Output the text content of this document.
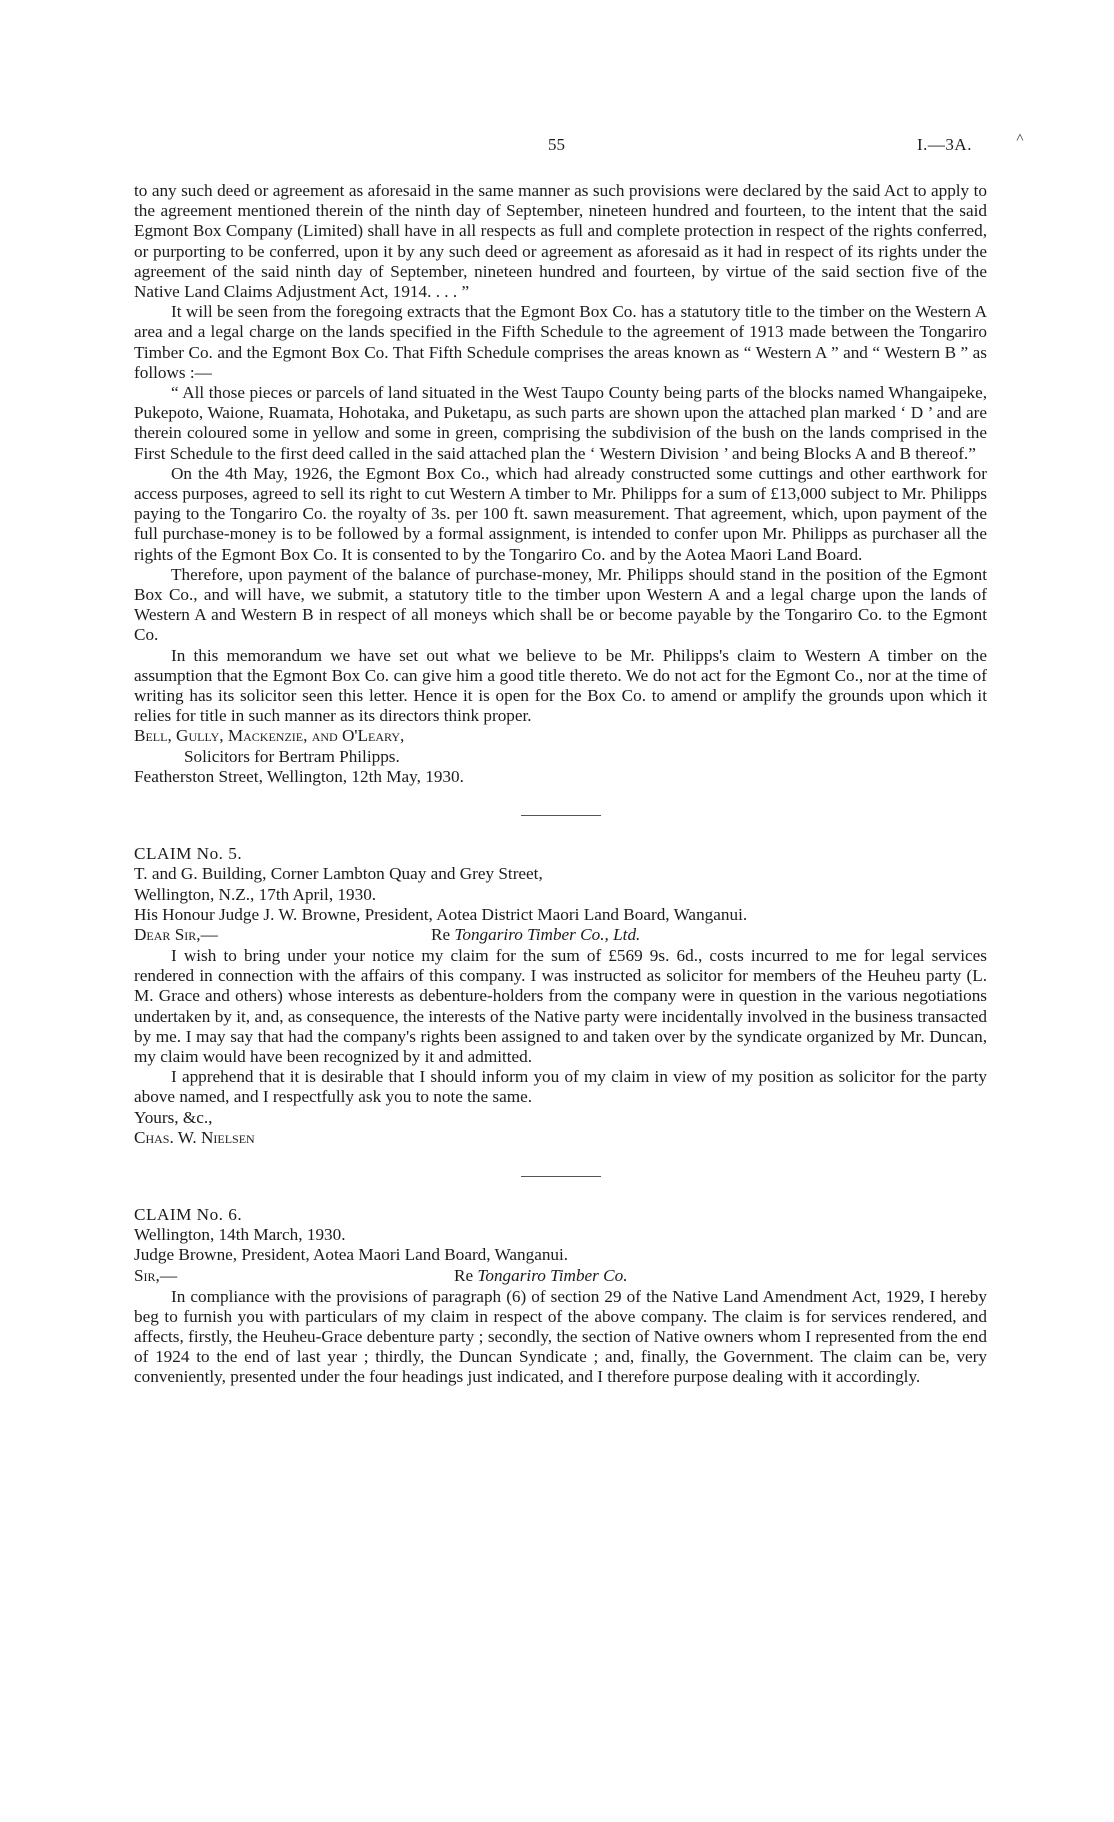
55	I.—3A.	˄

to any such deed or agreement as aforesaid in the same manner as such provisions were declared by the said Act to apply to the agreement mentioned therein of the ninth day of September, nineteen hundred and fourteen, to the intent that the said Egmont Box Company (Limited) shall have in all respects as full and complete protection in respect of the rights conferred, or purporting to be conferred, upon it by any such deed or agreement as aforesaid as it had in respect of its rights under the agreement of the said ninth day of September, nineteen hundred and fourteen, by virtue of the said section five of the Native Land Claims Adjustment Act, 1914. . . . ”

It will be seen from the foregoing extracts that the Egmont Box Co. has a statutory title to the timber on the Western A area and a legal charge on the lands specified in the Fifth Schedule to the agreement of 1913 made between the Tongariro Timber Co. and the Egmont Box Co. That Fifth Schedule comprises the areas known as “ Western A ” and “ Western B ” as follows :—

“ All those pieces or parcels of land situated in the West Taupo County being parts of the blocks named Whangaipeke, Pukepoto, Waione, Ruamata, Hohotaka, and Puketapu, as such parts are shown upon the attached plan marked ‘ D ’ and are therein coloured some in yellow and some in green, comprising the subdivision of the bush on the lands comprised in the First Schedule to the first deed called in the said attached plan the ‘ Western Division ’ and being Blocks A and B thereof.”

On the 4th May, 1926, the Egmont Box Co., which had already constructed some cuttings and other earthwork for access purposes, agreed to sell its right to cut Western A timber to Mr. Philipps for a sum of £13,000 subject to Mr. Philipps paying to the Tongariro Co. the royalty of 3s. per 100 ft. sawn measurement. That agreement, which, upon payment of the full purchase-money is to be followed by a formal assignment, is intended to confer upon Mr. Philipps as purchaser all the rights of the Egmont Box Co. It is consented to by the Tongariro Co. and by the Aotea Maori Land Board.

Therefore, upon payment of the balance of purchase-money, Mr. Philipps should stand in the position of the Egmont Box Co., and will have, we submit, a statutory title to the timber upon Western A and a legal charge upon the lands of Western A and Western B in respect of all moneys which shall be or become payable by the Tongariro Co. to the Egmont Co.

In this memorandum we have set out what we believe to be Mr. Philipps's claim to Western A timber on the assumption that the Egmont Box Co. can give him a good title thereto. We do not act for the Egmont Co., nor at the time of writing has its solicitor seen this letter. Hence it is open for the Box Co. to amend or amplify the grounds upon which it relies for title in such manner as its directors think proper.

Bell, Gully, Mackenzie, and O'Leary,

Solicitors for Bertram Philipps.

Featherston Street, Wellington, 12th May, 1930.

CLAIM No. 5.

T. and G. Building, Corner Lambton Quay and Grey Street,

Wellington, N.Z., 17th April, 1930.

His Honour Judge J. W. Browne, President, Aotea District Maori Land Board, Wanganui.

Dear Sir,—	Re Tongariro Timber Co., Ltd.

I wish to bring under your notice my claim for the sum of £569 9s. 6d., costs incurred to me for legal services rendered in connection with the affairs of this company. I was instructed as solicitor for members of the Heuheu party (L. M. Grace and others) whose interests as debenture-holders from the company were in question in the various negotiations undertaken by it, and, as consequence, the interests of the Native party were incidentally involved in the business transacted by me. I may say that had the company's rights been assigned to and taken over by the syndicate organized by Mr. Duncan, my claim would have been recognized by it and admitted.

I apprehend that it is desirable that I should inform you of my claim in view of my position as solicitor for the party above named, and I respectfully ask you to note the same.

Yours, &c.,

Chas. W. Nielsen

CLAIM No. 6.

Wellington, 14th March, 1930.

Judge Browne, President, Aotea Maori Land Board, Wanganui.

Sir,—	Re Tongariro Timber Co.

In compliance with the provisions of paragraph (6) of section 29 of the Native Land Amendment Act, 1929, I hereby beg to furnish you with particulars of my claim in respect of the above company. The claim is for services rendered, and affects, firstly, the Heuheu-Grace debenture party ; secondly, the section of Native owners whom I represented from the end of 1924 to the end of last year ; thirdly, the Duncan Syndicate ; and, finally, the Government. The claim can be, very conveniently, presented under the four headings just indicated, and I therefore purpose dealing with it accordingly.
